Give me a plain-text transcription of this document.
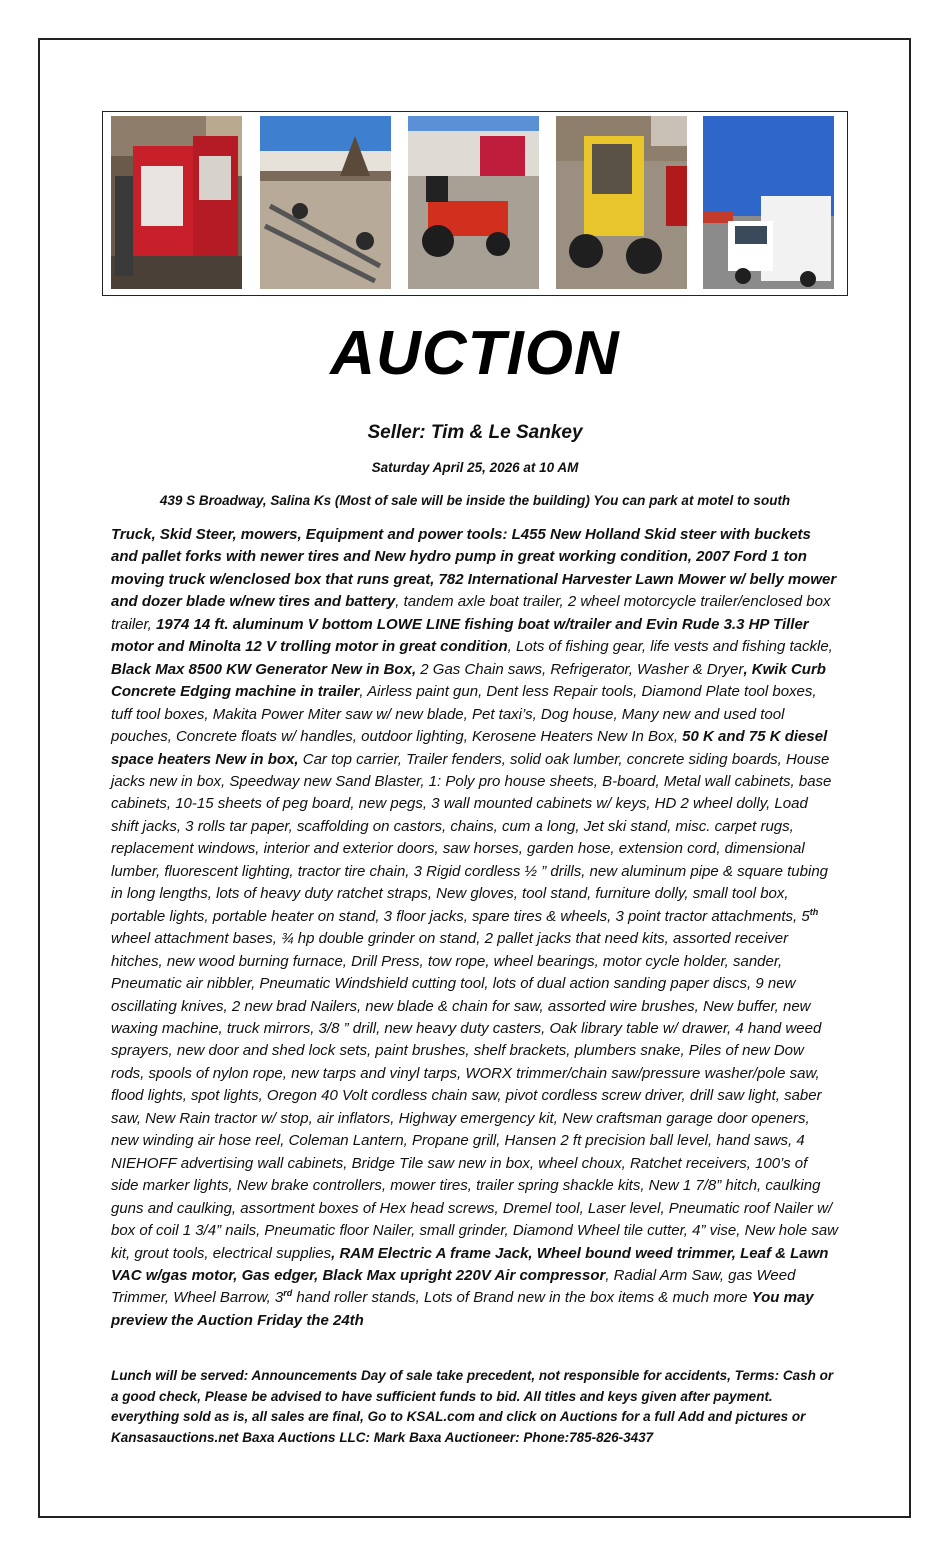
AUCTION
Seller: Tim & Le Sankey
Saturday April 25, 2026 at 10 AM
439 S Broadway, Salina Ks (Most of sale will be inside the building) You can park at motel to south

Truck, Skid Steer, mowers, Equipment and power tools: L455 New Holland Skid steer with buckets and pallet forks with newer tires and New hydro pump in great working condition, 2007 Ford 1 ton moving truck w/enclosed box that runs great, 782 International Harvester Lawn Mower w/ belly mower and dozer blade w/new tires and battery, tandem axle boat trailer, 2 wheel motorcycle trailer/enclosed box trailer, 1974 14 ft. aluminum V bottom LOWE LINE fishing boat w/trailer and Evin Rude 3.3 HP Tiller motor and Minolta 12 V trolling motor in great condition, Lots of fishing gear, life vests and fishing tackle, Black Max 8500 KW Generator New in Box, 2 Gas Chain saws, Refrigerator, Washer & Dryer, Kwik Curb Concrete Edging machine in trailer, Airless paint gun, Dent less Repair tools, Diamond Plate tool boxes, tuff tool boxes, Makita Power Miter saw w/ new blade, Pet taxi’s, Dog house, Many new and used tool pouches, Concrete floats w/ handles, outdoor lighting, Kerosene Heaters New In Box, 50 K and 75 K diesel space heaters New in box, Car top carrier, Trailer fenders, solid oak lumber, concrete siding boards, House jacks new in box, Speedway new Sand Blaster, 1: Poly pro house sheets, B-board, Metal wall cabinets, base cabinets, 10-15 sheets of peg board, new pegs, 3 wall mounted cabinets w/ keys, HD 2 wheel dolly, Load shift jacks, 3 rolls tar paper, scaffolding on castors, chains, cum a long, Jet ski stand, misc. carpet rugs, replacement windows, interior and exterior doors, saw horses, garden hose, extension cord, dimensional lumber, fluorescent lighting, tractor tire chain, 3 Rigid cordless ½ ” drills, new aluminum pipe & square tubing in long lengths, lots of heavy duty ratchet straps, New gloves, tool stand, furniture dolly, small tool box, portable lights, portable heater on stand, 3 floor jacks, spare tires & wheels, 3 point tractor attachments, 5th wheel attachment bases, ¾ hp double grinder on stand, 2 pallet jacks that need kits, assorted receiver hitches, new wood burning furnace, Drill Press, tow rope, wheel bearings, motor cycle holder, sander, Pneumatic air nibbler, Pneumatic Windshield cutting tool, lots of dual action sanding paper discs, 9 new oscillating knives, 2 new brad Nailers, new blade & chain for saw, assorted wire brushes, New buffer, new waxing machine, truck mirrors, 3/8 ” drill, new heavy duty casters, Oak library table w/ drawer, 4 hand weed sprayers, new door and shed lock sets, paint brushes, shelf brackets, plumbers snake, Piles of new Dow rods, spools of nylon rope, new tarps and vinyl tarps, WORX trimmer/chain saw/pressure washer/pole saw, flood lights, spot lights, Oregon 40 Volt cordless chain saw, pivot cordless screw driver, drill saw light, saber saw, New Rain tractor w/ stop, air inflators, Highway emergency kit, New craftsman garage door openers, new winding air hose reel, Coleman Lantern, Propane grill, Hansen 2 ft precision ball level, hand saws, 4 NIEHOFF advertising wall cabinets, Bridge Tile saw new in box, wheel choux, Ratchet receivers, 100’s of side marker lights, New brake controllers, mower tires, trailer spring shackle kits, New 1 7/8” hitch, caulking guns and caulking, assortment boxes of Hex head screws, Dremel tool, Laser level, Pneumatic roof Nailer w/ box of coil 1 3/4” nails, Pneumatic floor Nailer, small grinder, Diamond Wheel tile cutter, 4” vise, New hole saw kit, grout tools, electrical supplies, RAM Electric A frame Jack, Wheel bound weed trimmer, Leaf & Lawn VAC w/gas motor, Gas edger, Black Max upright 220V Air compressor, Radial Arm Saw, gas Weed Trimmer, Wheel Barrow, 3rd hand roller stands, Lots of Brand new in the box items & much more You may preview the Auction Friday the 24th

Lunch will be served: Announcements Day of sale take precedent, not responsible for accidents, Terms: Cash or a good check, Please be advised to have sufficient funds to bid. All titles and keys given after payment. everything sold as is, all sales are final, Go to KSAL.com and click on Auctions for a full Add and pictures or Kansasauctions.net Baxa Auctions LLC: Mark Baxa Auctioneer: Phone:785-826-3437
